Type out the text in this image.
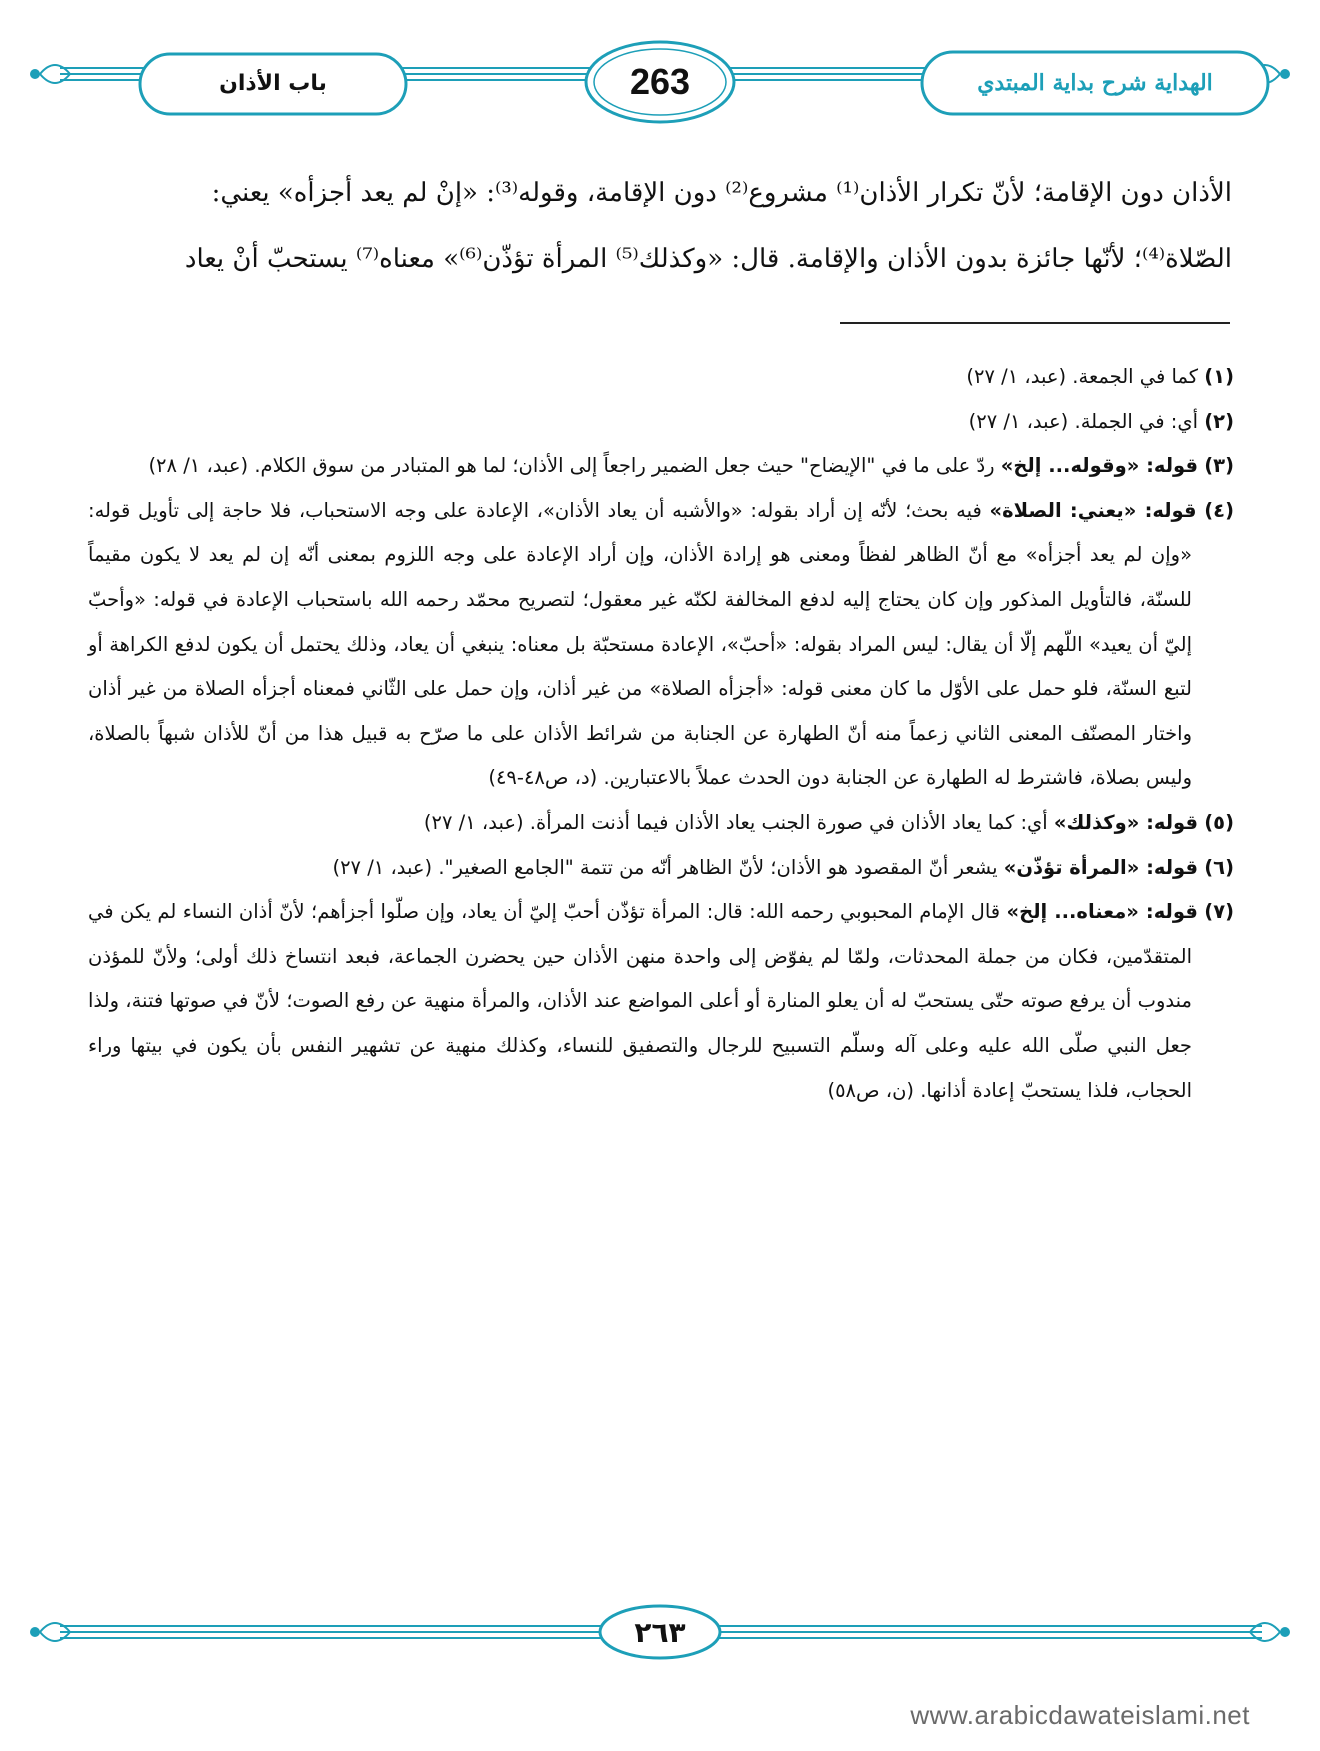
باب الأذان	263	الهداية شرح بداية المبتدي

الأذان دون الإقامة؛ لأنّ تكرار الأذان⁽¹⁾ مشروع⁽²⁾ دون الإقامة، وقوله⁽³⁾: «إنْ لم يعد أجزأه» يعني:

الصّلاة⁽⁴⁾؛ لأنّها جائزة بدون الأذان والإقامة. قال: «وكذلك⁽⁵⁾ المرأة تؤذّن⁽⁶⁾» معناه⁽⁷⁾ يستحبّ أنْ يعاد

(١) كما في الجمعة. (عبد، ١/ ٢٧)

(٢) أي: في الجملة. (عبد، ١/ ٢٧)

(٣) قوله: «وقوله... إلخ» ردّ على ما في "الإيضاح" حيث جعل الضمير راجعاً إلى الأذان؛ لما هو المتبادر من سوق الكلام. (عبد، ١/ ٢٨)

(٤) قوله: «يعني: الصلاة» فيه بحث؛ لأنّه إن أراد بقوله: «والأشبه أن يعاد الأذان»، الإعادة على وجه الاستحباب، فلا حاجة إلى تأويل قوله: «وإن لم يعد أجزأه» مع أنّ الظاهر لفظاً ومعنى هو إرادة الأذان، وإن أراد الإعادة على وجه اللزوم بمعنى أنّه إن لم يعد لا يكون مقيماً للسنّة، فالتأويل المذكور وإن كان يحتاج إليه لدفع المخالفة لكنّه غير معقول؛ لتصريح محمّد رحمه الله باستحباب الإعادة في قوله: «وأحبّ إليّ أن يعيد» اللّهم إلّا أن يقال: ليس المراد بقوله: «أحبّ»، الإعادة مستحبّة بل معناه: ينبغي أن يعاد، وذلك يحتمل أن يكون لدفع الكراهة أو لتبع السنّة، فلو حمل على الأوّل ما كان معنى قوله: «أجزأه الصلاة» من غير أذان، وإن حمل على الثّاني فمعناه أجزأه الصلاة من غير أذان واختار المصنّف المعنى الثاني زعماً منه أنّ الطهارة عن الجنابة من شرائط الأذان على ما صرّح به قبيل هذا من أنّ للأذان شبهاً بالصلاة، وليس بصلاة، فاشترط له الطهارة عن الجنابة دون الحدث عملاً بالاعتبارين. (د، ص٤٨-٤٩)

(٥) قوله: «وكذلك» أي: كما يعاد الأذان في صورة الجنب يعاد الأذان فيما أذنت المرأة. (عبد، ١/ ٢٧)

(٦) قوله: «المرأة تؤذّن» يشعر أنّ المقصود هو الأذان؛ لأنّ الظاهر أنّه من تتمة "الجامع الصغير". (عبد، ١/ ٢٧)

(٧) قوله: «معناه... إلخ» قال الإمام المحبوبي رحمه الله: قال: المرأة تؤذّن أحبّ إليّ أن يعاد، وإن صلّوا أجزأهم؛ لأنّ أذان النساء لم يكن في المتقدّمين، فكان من جملة المحدثات، ولمّا لم يفوّض إلى واحدة منهن الأذان حين يحضرن الجماعة، فبعد انتساخ ذلك أولى؛ ولأنّ للمؤذن مندوب أن يرفع صوته حتّى يستحبّ له أن يعلو المنارة أو أعلى المواضع عند الأذان، والمرأة منهية عن رفع الصوت؛ لأنّ في صوتها فتنة، ولذا جعل النبي صلّى الله عليه وعلى آله وسلّم التسبيح للرجال والتصفيق للنساء، وكذلك منهية عن تشهير النفس بأن يكون في بيتها وراء الحجاب، فلذا يستحبّ إعادة أذانها. (ن، ص٥٨)

٢٦٣
www.arabicdawateislami.net
